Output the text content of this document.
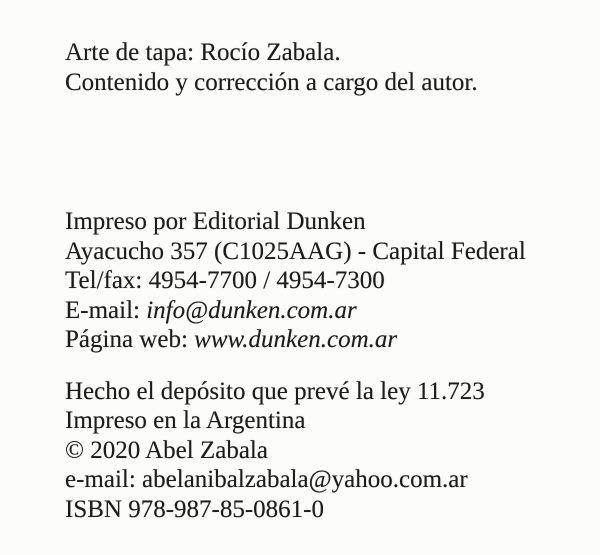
Arte de tapa: Rocío Zabala.

Contenido y corrección a cargo del autor.

Impreso por Editorial Dunken

Ayacucho 357 (C1025AAG) - Capital Federal

Tel/fax: 4954-7700 / 4954-7300

E-mail: info@dunken.com.ar

Página web: www.dunken.com.ar

Hecho el depósito que prevé la ley 11.723

Impreso en la Argentina

© 2020 Abel Zabala

e-mail: abelanibalzabala@yahoo.com.ar

ISBN 978-987-85-0861-0
